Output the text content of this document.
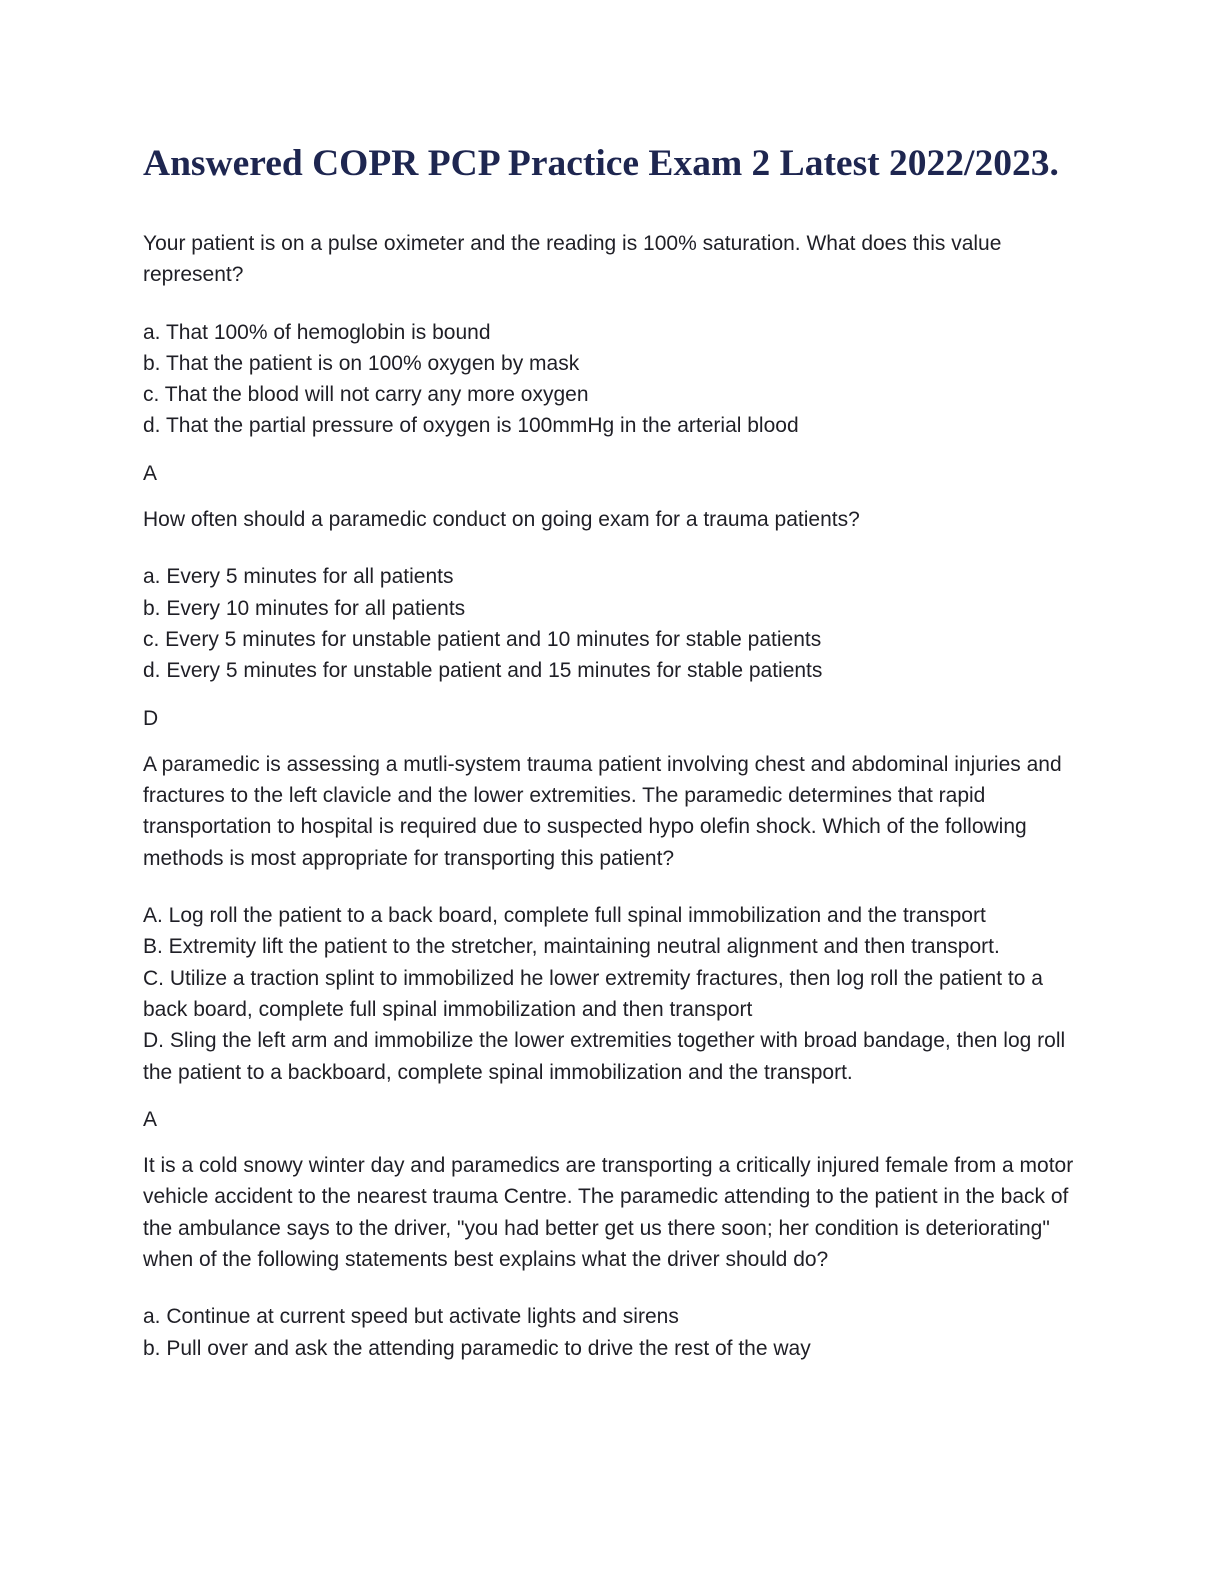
Answered COPR PCP Practice Exam 2 Latest 2022/2023.

Your patient is on a pulse oximeter and the reading is 100% saturation. What does this value represent?

a. That 100% of hemoglobin is bound
b. That the patient is on 100% oxygen by mask
c. That the blood will not carry any more oxygen
d. That the partial pressure of oxygen is 100mmHg in the arterial blood

A

How often should a paramedic conduct on going exam for a trauma patients?

a. Every 5 minutes for all patients
b. Every 10 minutes for all patients
c. Every 5 minutes for unstable patient and 10 minutes for stable patients
d. Every 5 minutes for unstable patient and 15 minutes for stable patients

D

A paramedic is assessing a mutli-system trauma patient involving chest and abdominal injuries and fractures to the left clavicle and the lower extremities. The paramedic determines that rapid transportation to hospital is required due to suspected hypo olefin shock. Which of the following methods is most appropriate for transporting this patient?

A. Log roll the patient to a back board, complete full spinal immobilization and the transport
B. Extremity lift the patient to the stretcher, maintaining neutral alignment and then transport.
C. Utilize a traction splint to immobilized he lower extremity fractures, then log roll the patient to a back board, complete full spinal immobilization and then transport
D. Sling the left arm and immobilize the lower extremities together with broad bandage, then log roll the patient to a backboard, complete spinal immobilization and the transport.

A

It is a cold snowy winter day and paramedics are transporting a critically injured female from a motor vehicle accident to the nearest trauma Centre. The paramedic attending to the patient in the back of the ambulance says to the driver, "you had better get us there soon; her condition is deteriorating" when of the following statements best explains what the driver should do?

a. Continue at current speed but activate lights and sirens
b. Pull over and ask the attending paramedic to drive the rest of the way
